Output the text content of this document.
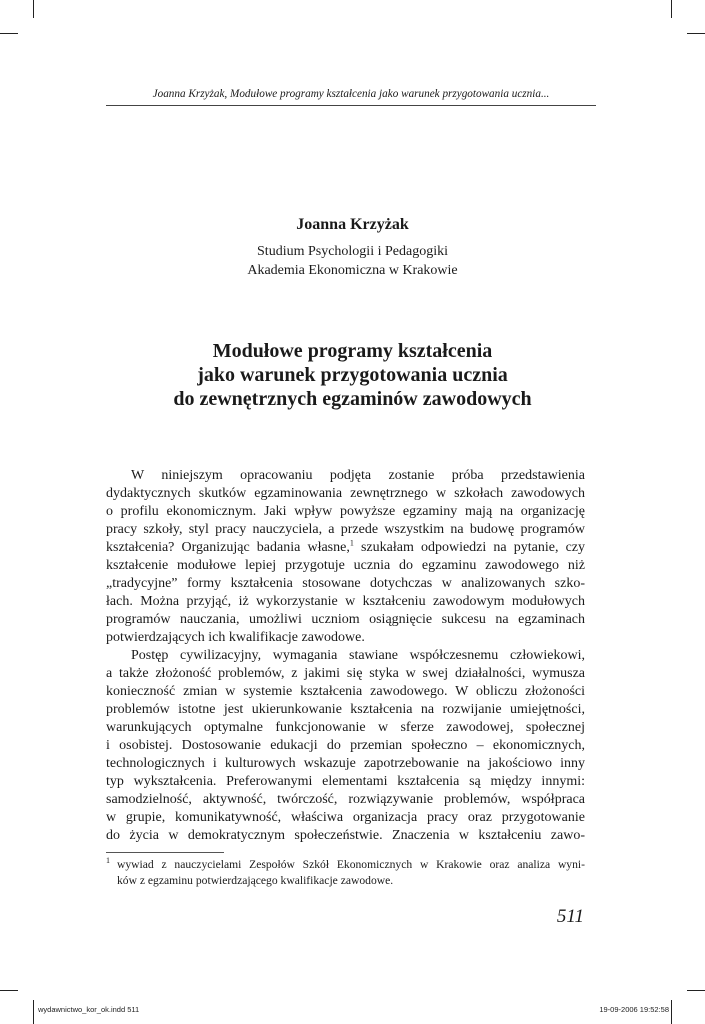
Joanna Krzyżak, Modułowe programy kształcenia jako warunek przygotowania ucznia...
Joanna Krzyżak
Studium Psychologii i Pedagogiki
Akademia Ekonomiczna w Krakowie
Modułowe programy kształcenia
jako warunek przygotowania ucznia
do zewnętrznych egzaminów zawodowych
W niniejszym opracowaniu podjęta zostanie próba przedstawienia
dydaktycznych skutków egzaminowania zewnętrznego w szkołach zawodowych
o profilu ekonomicznym. Jaki wpływ powyższe egzaminy mają na organizację
pracy szkoły, styl pracy nauczyciela, a przede wszystkim na budowę programów
kształcenia? Organizując badania własne,$^1$ szukałam odpowiedzi na pytanie, czy
kształcenie modułowe lepiej przygotuje ucznia do egzaminu zawodowego niż
„tradycyjne” formy kształcenia stosowane dotychczas w analizowanych szko-
łach. Można przyjąć, iż wykorzystanie w kształceniu zawodowym modułowych
programów nauczania, umożliwi uczniom osiągnięcie sukcesu na egzaminach
potwierdzających ich kwalifikacje zawodowe.
Postęp cywilizacyjny, wymagania stawiane współczesnemu człowiekowi,
a także złożoność problemów, z jakimi się styka w swej działalności, wymusza
konieczność zmian w systemie kształcenia zawodowego. W obliczu złożoności
problemów istotne jest ukierunkowanie kształcenia na rozwijanie umiejętności,
warunkujących optymalne funkcjonowanie w sferze zawodowej, społecznej
i osobistej. Dostosowanie edukacji do przemian społeczno – ekonomicznych,
technologicznych i kulturowych wskazuje zapotrzebowanie na jakościowo inny
typ wykształcenia. Preferowanymi elementami kształcenia są między innymi:
samodzielność, aktywność, twórczość, rozwiązywanie problemów, współpraca
w grupie, komunikatywność, właściwa organizacja pracy oraz przygotowanie
do życia w demokratycznym społeczeństwie. Znaczenia w kształceniu zawo-
1 wywiad z nauczycielami Zespołów Szkół Ekonomicznych w Krakowie oraz analiza wyni-
ków z egzaminu potwierdzającego kwalifikacje zawodowe.
511
wydawnictwo_kor_ok.indd 511	19-09-2006 19:52:58
